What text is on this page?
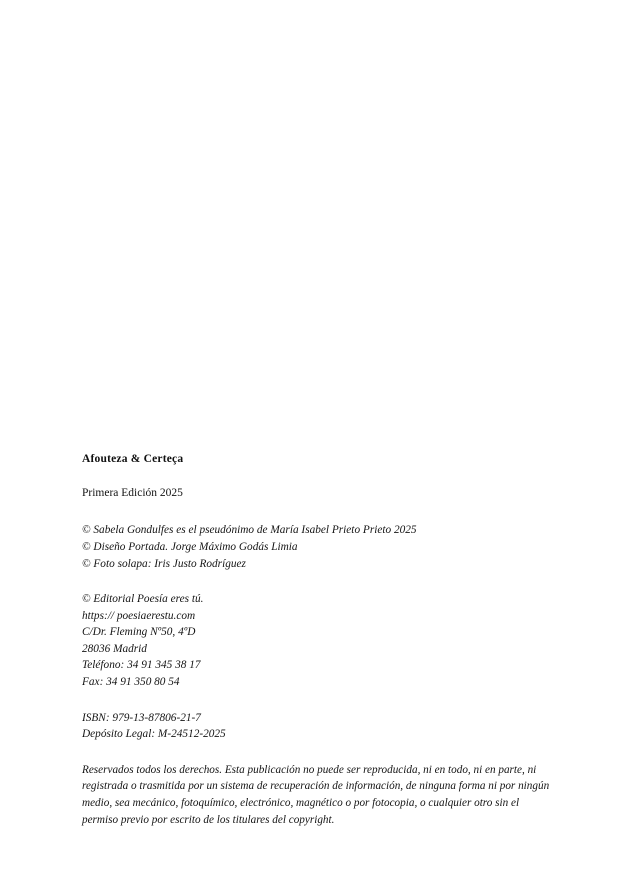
Afouteza & Certeça

Primera Edición 2025

© Sabela Gondulfes es el pseudónimo de María Isabel Prieto Prieto 2025
© Diseño Portada. Jorge Máximo Godás Limia
© Foto solapa: Iris Justo Rodríguez
© Editorial Poesía eres tú.
https:// poesiaerestu.com
C/Dr. Fleming Nº50, 4ºD
28036 Madrid
Teléfono: 34 91 345 38 17
Fax: 34 91 350 80 54
ISBN: 979-13-87806-21-7
Depósito Legal: M-24512-2025

Reservados todos los derechos. Esta publicación no puede ser reproducida, ni en todo, ni en parte, ni registrada o trasmitida por un sistema de recuperación de información, de ninguna forma ni por ningún medio, sea mecánico, fotoquímico, electrónico, magnético o por fotocopia, o cualquier otro sin el permiso previo por escrito de los titulares del copyright.
